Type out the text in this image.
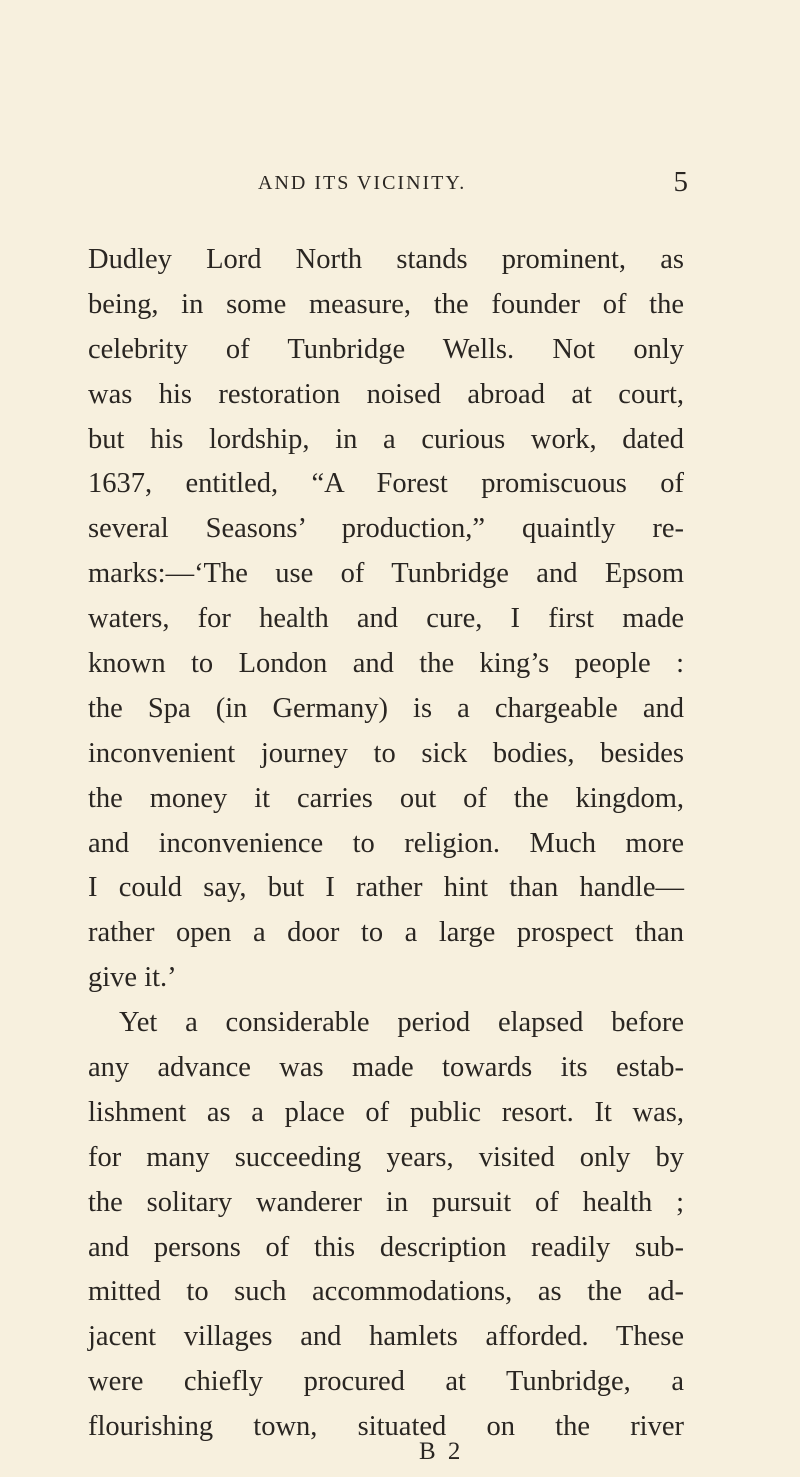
AND ITS VICINITY.	5
Dudley Lord North stands prominent, as
being, in some measure, the founder of the
celebrity of Tunbridge Wells. Not only
was his restoration noised abroad at court,
but his lordship, in a curious work, dated
1637, entitled, “A Forest promiscuous of
several Seasons’ production,” quaintly re-
marks:—‘The use of Tunbridge and Epsom
waters, for health and cure, I first made
known to London and the king’s people :
the Spa (in Germany) is a chargeable and
inconvenient journey to sick bodies, besides
the money it carries out of the kingdom,
and inconvenience to religion. Much more
I could say, but I rather hint than handle—
rather open a door to a large prospect than
give it.’
Yet a considerable period elapsed before
any advance was made towards its estab-
lishment as a place of public resort. It was,
for many succeeding years, visited only by
the solitary wanderer in pursuit of health ;
and persons of this description readily sub-
mitted to such accommodations, as the ad-
jacent villages and hamlets afforded. These
were chiefly procured at Tunbridge, a
flourishing town, situated on the river
B 2
